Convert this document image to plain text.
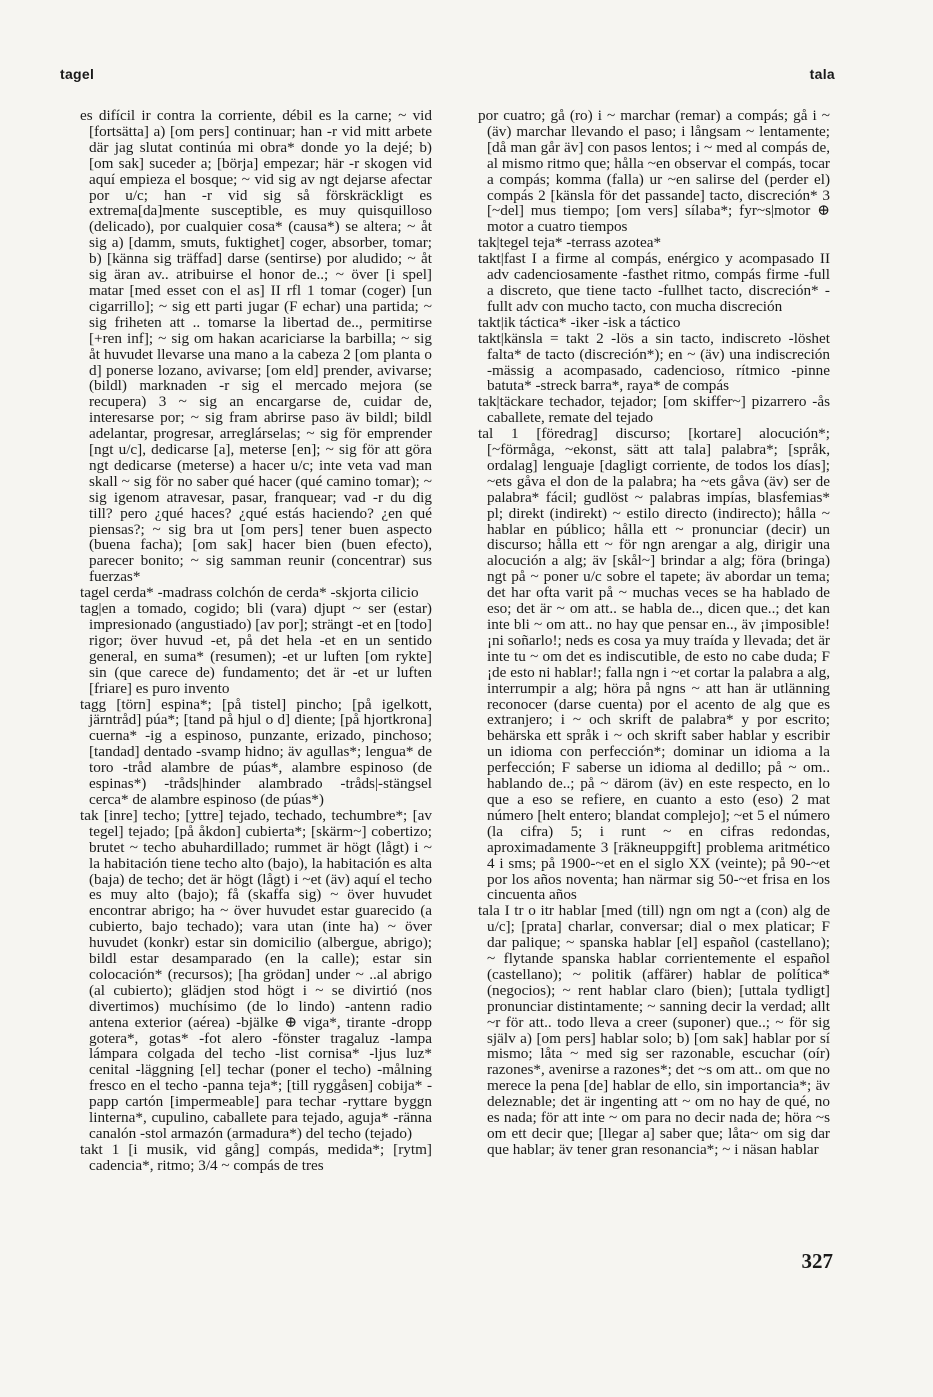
tagel	tala

es difícil ir contra la corriente, débil es la carne; ~ vid [fortsätta] a) [om pers] continuar; han -r vid mitt arbete där jag slutat continúa mi obra* donde yo la dejé; b) [om sak] suceder a; [börja] empezar; här -r skogen vid aquí empieza el bosque; ~ vid sig av ngt dejarse afectar por u/c; han -r vid sig så förskräckligt es extrema[da]mente susceptible, es muy quisquilloso (delicado), por cualquier cosa* (causa*) se altera; ~ åt sig a) [damm, smuts, fuktighet] coger, absorber, tomar; b) [känna sig träffad] darse (sentirse) por aludido; ~ åt sig äran av.. atribuirse el honor de..; ~ över [i spel] matar [med esset con el as] II rfl 1 tomar (coger) [un cigarrillo]; ~ sig ett parti jugar (F echar) una partida; ~ sig friheten att .. tomarse la libertad de.., permitirse [+ren inf]; ~ sig om hakan acariciarse la barbilla; ~ sig åt huvudet llevarse una mano a la cabeza 2 [om planta o d] ponerse lozano, avivarse; [om eld] prender, avivarse; (bildl) marknaden -r sig el mercado mejora (se recupera) 3 ~ sig an encargarse de, cuidar de, interesarse por; ~ sig fram abrirse paso äv bildl; bildl adelantar, progresar, arreglárselas; ~ sig för emprender [ngt u/c], dedicarse [a], meterse [en]; ~ sig för att göra ngt dedicarse (meterse) a hacer u/c; inte veta vad man skall ~ sig för no saber qué hacer (qué camino tomar); ~ sig igenom atravesar, pasar, franquear; vad -r du dig till? pero ¿qué haces? ¿qué estás haciendo? ¿en qué piensas?; ~ sig bra ut [om pers] tener buen aspecto (buena facha); [om sak] hacer bien (buen efecto), parecer bonito; ~ sig samman reunir (concentrar) sus fuerzas*

tagel cerda* -madrass colchón de cerda* -skjorta cilicio

tag|en a tomado, cogido; bli (vara) djupt ~ ser (estar) impresionado (angustiado) [av por]; strängt -et en [todo] rigor; över huvud -et, på det hela -et en un sentido general, en suma* (resumen); -et ur luften [om rykte] sin (que carece de) fundamento; det är -et ur luften [friare] es puro invento

tagg [törn] espina*; [på tistel] pincho; [på igelkott, järntråd] púa*; [tand på hjul o d] diente; [på hjortkrona] cuerna* -ig a espinoso, punzante, erizado, pinchoso; [tandad] dentado -svamp hidno; äv agullas*; lengua* de toro -tråd alambre de púas*, alambre espinoso (de espinas*) -tråds|hinder alambrado -tråds|-stängsel cerca* de alambre espinoso (de púas*)

tak [inre] techo; [yttre] tejado, techado, techumbre*; [av tegel] tejado; [på åkdon] cubierta*; [skärm~] cobertizo; brutet ~ techo abuhardillado; rummet är högt (lågt) i ~ la habitación tiene techo alto (bajo), la habitación es alta (baja) de techo; det är högt (lågt) i ~et (äv) aquí el techo es muy alto (bajo); få (skaffa sig) ~ över huvudet encontrar abrigo; ha ~ över huvudet estar guarecido (a cubierto, bajo techado); vara utan (inte ha) ~ över huvudet (konkr) estar sin domicilio (albergue, abrigo); bildl estar desamparado (en la calle); estar sin colocación* (recursos); [ha grödan] under ~ ..al abrigo (al cubierto); glädjen stod högt i ~ se divirtió (nos divertimos) muchísimo (de lo lindo) -antenn radio antena exterior (aérea) -bjälke ⊕ viga*, tirante -dropp gotera*, gotas* -fot alero -fönster tragaluz -lampa lámpara colgada del techo -list cornisa* -ljus luz* cenital -läggning [el] techar (poner el techo) -målning fresco en el techo -panna teja*; [till ryggåsen] cobija* -papp cartón [impermeable] para techar -ryttare byggn linterna*, cupulino, caballete para tejado, aguja* -ränna canalón -stol armazón (armadura*) del techo (tejado)

takt 1 [i musik, vid gång] compás, medida*; [rytm] cadencia*, ritmo; 3/4 ~ compás de tres

por cuatro; gå (ro) i ~ marchar (remar) a compás; gå i ~ (äv) marchar llevando el paso; i långsam ~ lentamente; [då man går äv] con pasos lentos; i ~ med al compás de, al mismo ritmo que; hålla ~en observar el compás, tocar a compás; komma (falla) ur ~en salirse del (perder el) compás 2 [känsla för det passande] tacto, discreción* 3 [~del] mus tiempo; [om vers] sílaba*; fyr~s|motor ⊕ motor a cuatro tiempos

tak|tegel teja* -terrass azotea*

takt|fast I a firme al compás, enérgico y acompasado II adv cadenciosamente -fasthet ritmo, compás firme -full a discreto, que tiene tacto -fullhet tacto, discreción* -fullt adv con mucho tacto, con mucha discreción

takt|ik táctica* -iker -isk a táctico

takt|känsla = takt 2 -lös a sin tacto, indiscreto -löshet falta* de tacto (discreción*); en ~ (äv) una indiscreción -mässig a acompasado, cadencioso, rítmico -pinne batuta* -streck barra*, raya* de compás

tak|täckare techador, tejador; [om skiffer~] pizarrero -ås caballete, remate del tejado

tal 1 [föredrag] discurso; [kortare] alocución*; [~förmåga, ~ekonst, sätt att tala] palabra*; [språk, ordalag] lenguaje [dagligt corriente, de todos los días]; ~ets gåva el don de la palabra; ha ~ets gåva (äv) ser de palabra* fácil; gudlöst ~ palabras impías, blasfemias* pl; direkt (indirekt) ~ estilo directo (indirecto); hålla ~ hablar en público; hålla ett ~ pronunciar (decir) un discurso; hålla ett ~ för ngn arengar a alg, dirigir una alocución a alg; äv [skål~] brindar a alg; föra (bringa) ngt på ~ poner u/c sobre el tapete; äv abordar un tema; det har ofta varit på ~ muchas veces se ha hablado de eso; det är ~ om att.. se habla de.., dicen que..; det kan inte bli ~ om att.. no hay que pensar en.., äv ¡imposible! ¡ni soñarlo!; neds es cosa ya muy traída y llevada; det är inte tu ~ om det es indiscutible, de esto no cabe duda; F ¡de esto ni hablar!; falla ngn i ~et cortar la palabra a alg, interrumpir a alg; höra på ngns ~ att han är utlänning reconocer (darse cuenta) por el acento de alg que es extranjero; i ~ och skrift de palabra* y por escrito; behärska ett språk i ~ och skrift saber hablar y escribir un idioma con perfección*; dominar un idioma a la perfección; F saberse un idioma al dedillo; på ~ om.. hablando de..; på ~ därom (äv) en este respecto, en lo que a eso se refiere, en cuanto a esto (eso) 2 mat número [helt entero; blandat complejo]; ~et 5 el número (la cifra) 5; i runt ~ en cifras redondas, aproximadamente 3 [räkneuppgift] problema aritmético 4 i sms; på 1900-~et en el siglo XX (veinte); på 90-~et por los años noventa; han närmar sig 50-~et frisa en los cincuenta años

tala I tr o itr hablar [med (till) ngn om ngt a (con) alg de u/c]; [prata] charlar, conversar; dial o mex platicar; F dar palique; ~ spanska hablar [el] español (castellano); ~ flytande spanska hablar corrientemente el español (castellano); ~ politik (affärer) hablar de política* (negocios); ~ rent hablar claro (bien); [uttala tydligt] pronunciar distintamente; ~ sanning decir la verdad; allt ~r för att.. todo lleva a creer (suponer) que..; ~ för sig själv a) [om pers] hablar solo; b) [om sak] hablar por sí mismo; låta ~ med sig ser razonable, escuchar (oír) razones*, avenirse a razones*; det ~s om att.. om que no merece la pena [de] hablar de ello, sin importancia*; äv deleznable; det är ingenting att ~ om no hay de qué, no es nada; för att inte ~ om para no decir nada de; höra ~s om ett decir que; [llegar a] saber que; låta~ om sig dar que hablar; äv tener gran resonancia*; ~ i näsan hablar

327
